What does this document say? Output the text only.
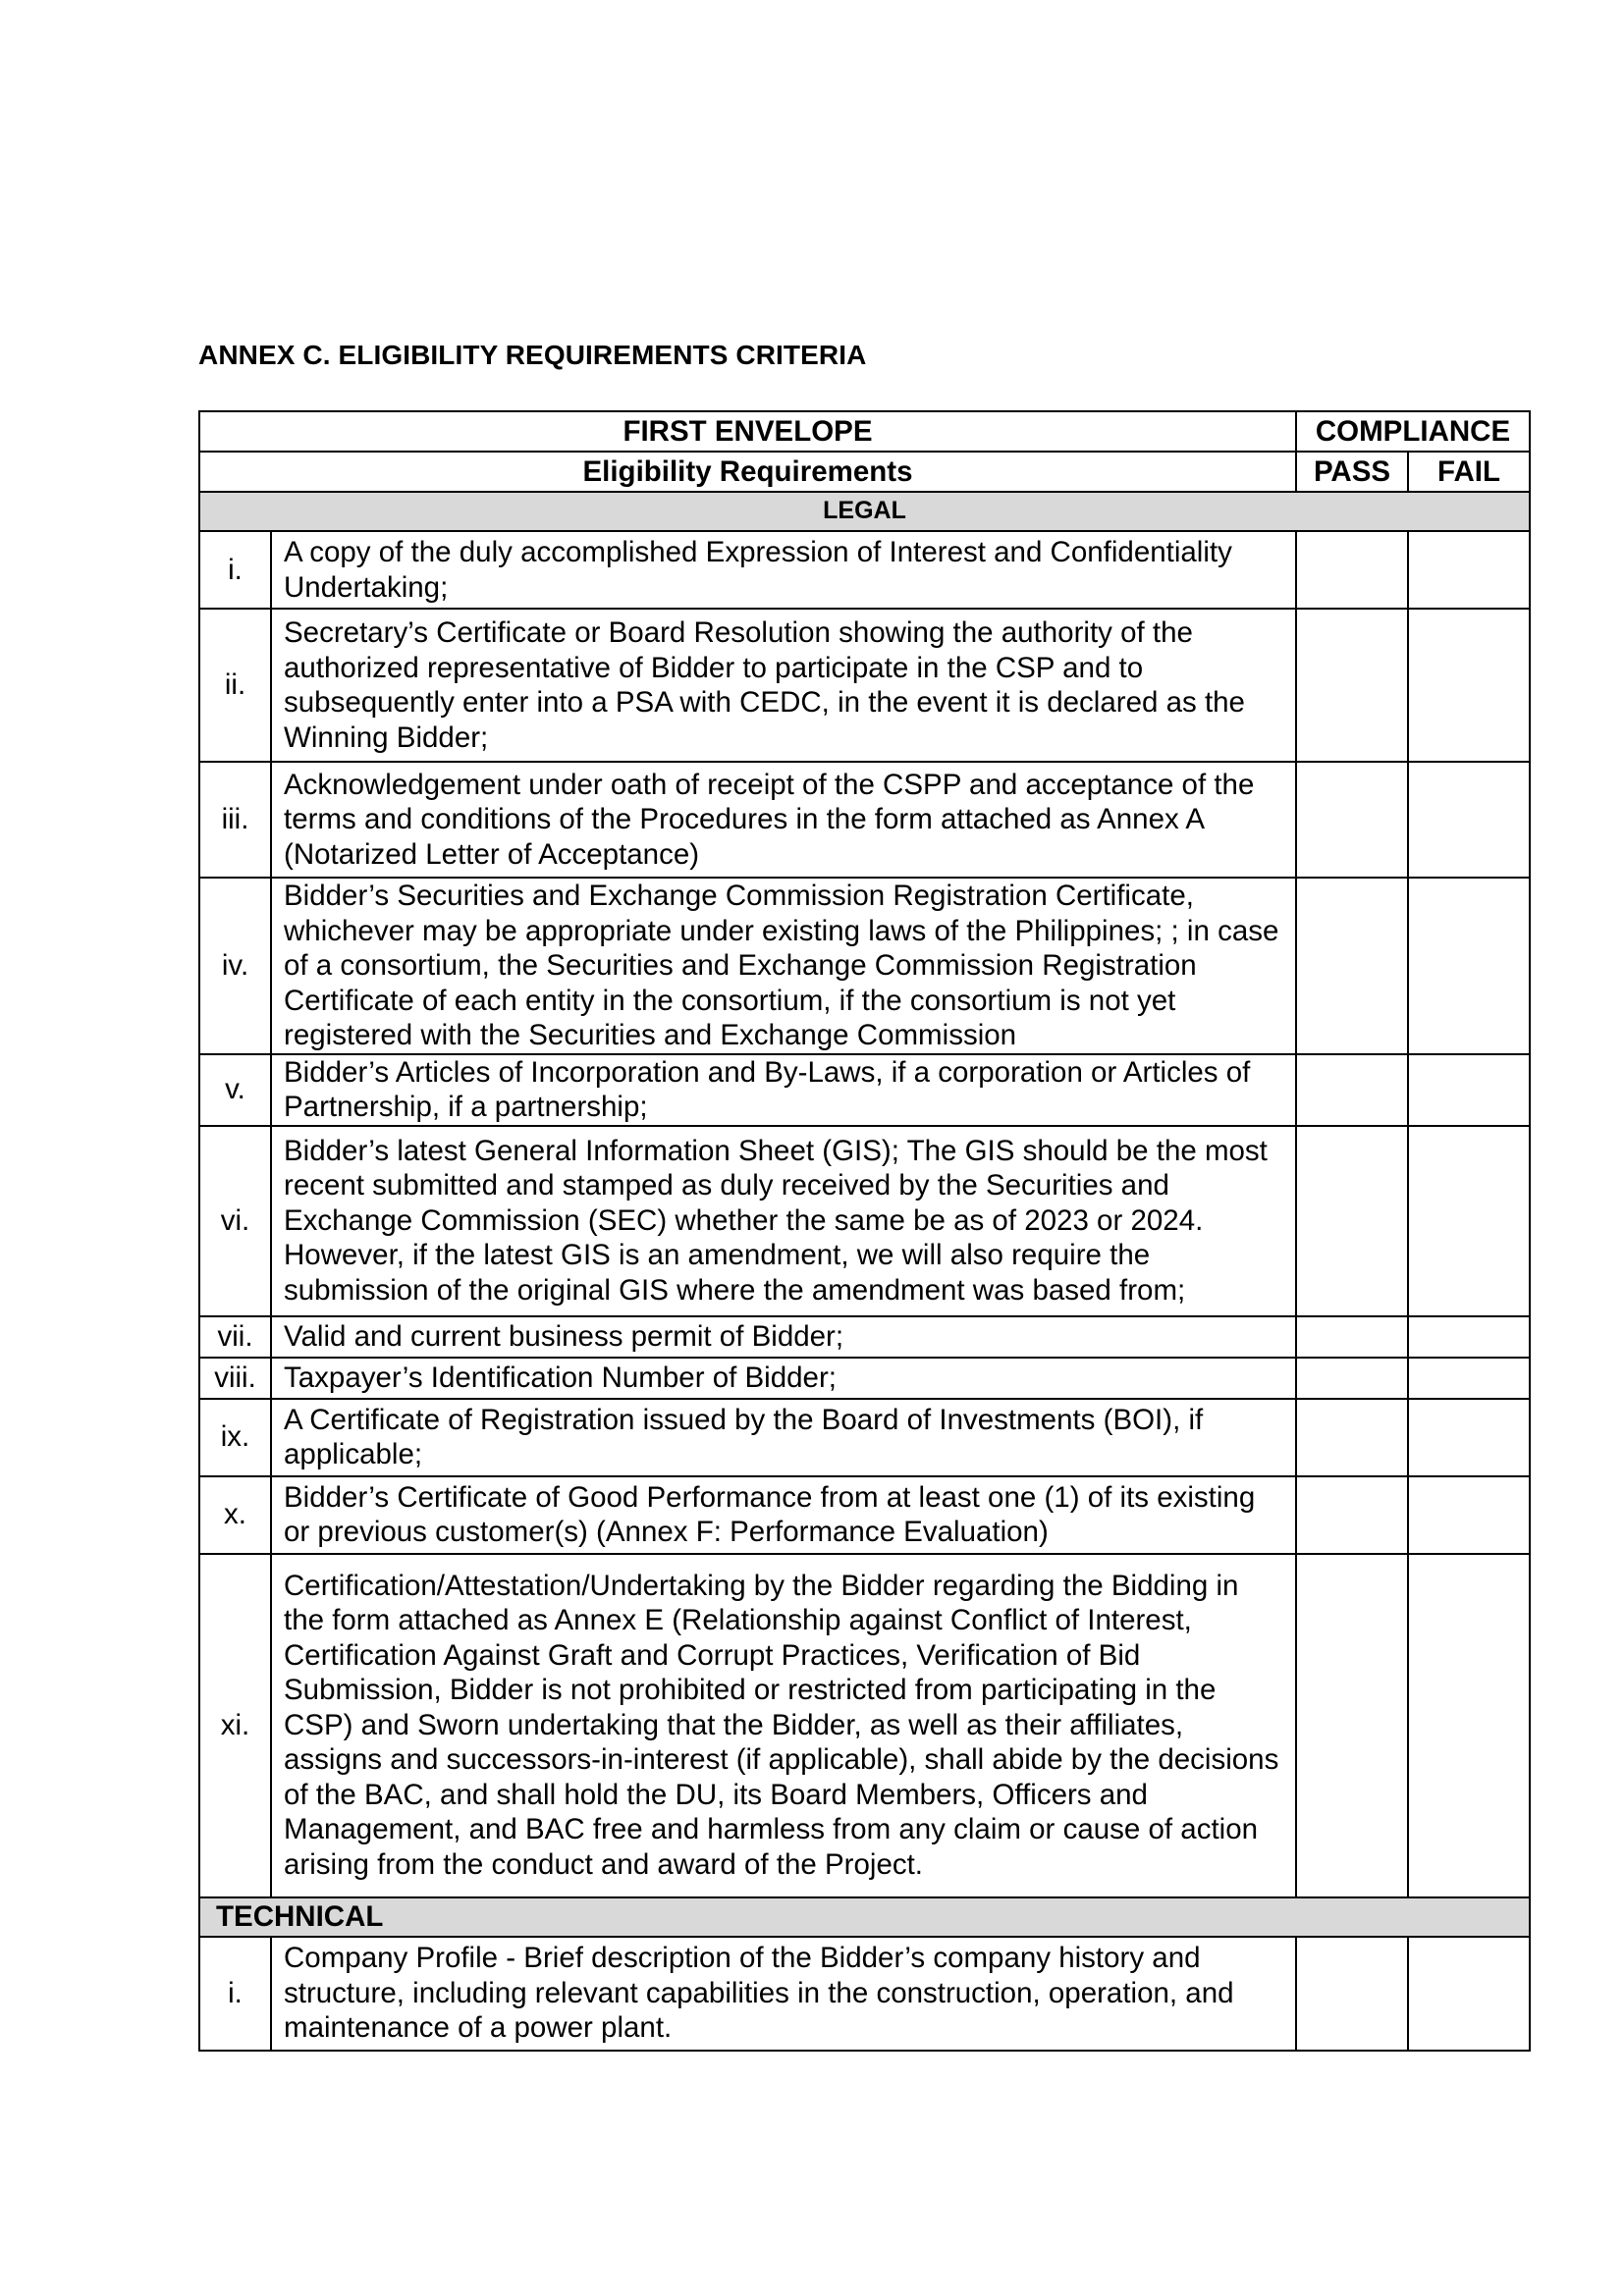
ANNEX C. ELIGIBILITY REQUIREMENTS CRITERIA
FIRST ENVELOPE		COMPLIANCE	
Eligibility Requirements		PASS	FAIL
LEGAL			
i.	A copy of the duly accomplished Expression of Interest and Confidentiality Undertaking;		
ii.	Secretary’s Certificate or Board Resolution showing the authority of the authorized representative of Bidder to participate in the CSP and to subsequently enter into a PSA with CEDC, in the event it is declared as the Winning Bidder;		
iii.	Acknowledgement under oath of receipt of the CSPP and acceptance of the terms and conditions of the Procedures in the form attached as Annex A (Notarized Letter of Acceptance)		
iv.	Bidder’s Securities and Exchange Commission Registration Certificate, whichever may be appropriate under existing laws of the Philippines; ; in case of a consortium, the Securities and Exchange Commission Registration Certificate of each entity in the consortium, if the consortium is not yet registered with the Securities and Exchange Commission		
v.	Bidder’s Articles of Incorporation and By-Laws, if a corporation or Articles of Partnership, if a partnership;		
vi.	Bidder’s latest General Information Sheet (GIS); The GIS should be the most recent submitted and stamped as duly received by the Securities and Exchange Commission (SEC) whether the same be as of 2023 or 2024. However, if the latest GIS is an amendment, we will also require the submission of the original GIS where the amendment was based from;		
vii.	Valid and current business permit of Bidder;		
viii.	Taxpayer’s Identification Number of Bidder;		
ix.	A Certificate of Registration issued by the Board of Investments (BOI), if applicable;		
x.	Bidder’s Certificate of Good Performance from at least one (1) of its existing or previous customer(s) (Annex F: Performance Evaluation)		
xi.	Certification/Attestation/Undertaking by the Bidder regarding the Bidding in the form attached as Annex E (Relationship against Conflict of Interest, Certification Against Graft and Corrupt Practices, Verification of Bid Submission, Bidder is not prohibited or restricted from participating in the CSP) and Sworn undertaking that the Bidder, as well as their affiliates, assigns and successors-in-interest (if applicable), shall abide by the decisions of the BAC, and shall hold the DU, its Board Members, Officers and Management, and BAC free and harmless from any claim or cause of action arising from the conduct and award of the Project.		
TECHNICAL			
i.	Company Profile - Brief description of the Bidder’s company history and structure, including relevant capabilities in the construction, operation, and maintenance of a power plant.		
